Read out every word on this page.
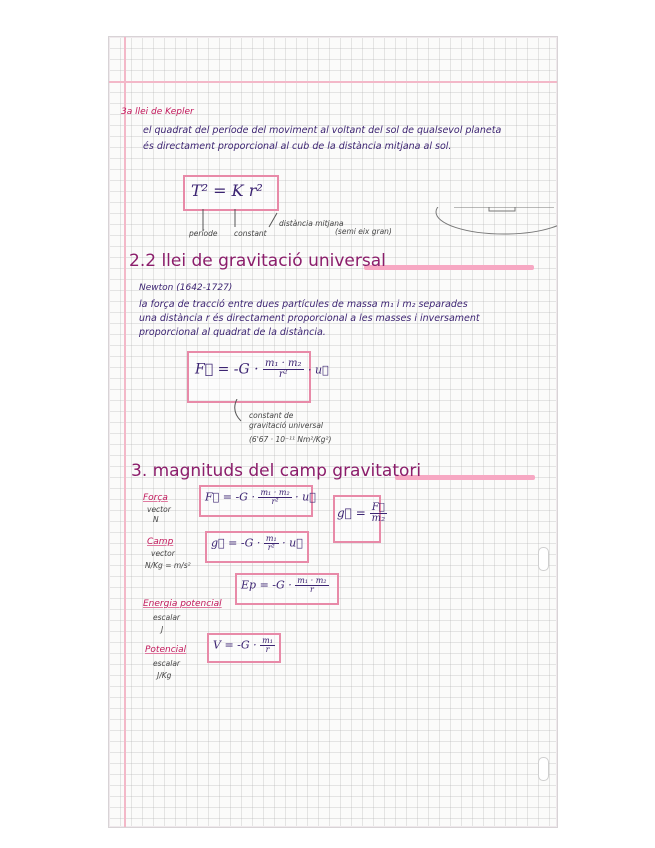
3a llei de Kepler
el quadrat del període del moviment al voltant del sol de qualsevol planeta
és directament proporcional al cub de la distància mitjana al sol.
T² = K r²
període constant
distància mitjana
(semi eix gran)
2.2 llei de gravitació universal
Newton (1642-1727)
la força de tracció entre dues partícules de massa m₁ i m₂ separades
una distància r és directament proporcional a les masses i inversament
proporcional al quadrat de la distància.
F⃗ = $-G \cdot \frac{\text{m₁ · m₂}}{\text{r²}}$ · u⃗
constant de
gravitació universal
(6'67 · 10⁻¹¹ Nm²/Kg²)
3. magnituds del camp gravitatori
Força
vector
N
F⃗ = $-G \cdot \frac{\text{m₁ · m₂}}{\text{r²}}$ · u⃗
g⃗ = $\frac{F⃗}{\text{m₂}}$
Camp
vector
N/Kg = m/s²
g⃗ = $-G \cdot \frac{\text{m₁}}{\text{r²}}$ · u⃗
$Ep = -G \cdot \frac{\text{m₁ · m₂}}{r}$
Energia potencial
escalar
J
$V = -G \cdot \frac{\text{m₁}}{r}$
Potencial
escalar
J/Kg
